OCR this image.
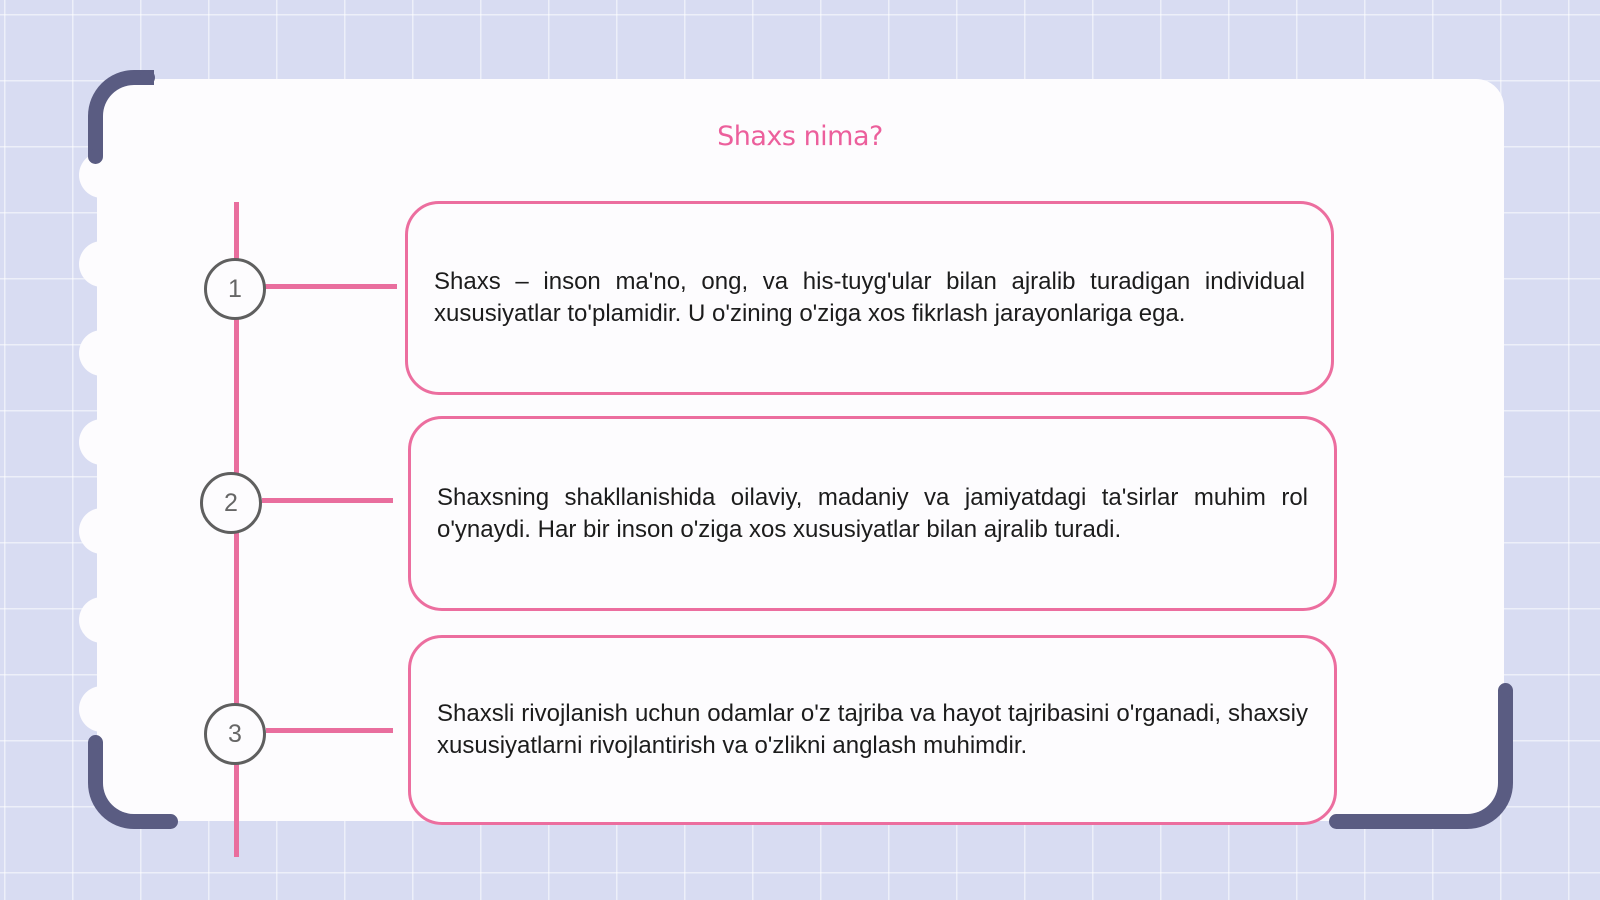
Shaxs nima?
1
2
3
Shaxs – inson ma'no, ong, va his-tuyg'ular bilan ajralib turadigan individual xususiyatlar to'plamidir. U o'zining o'ziga xos fikrlash jarayonlariga ega.
Shaxsning shakllanishida oilaviy, madaniy va jamiyatdagi ta'sirlar muhim rol o'ynaydi. Har bir inson o'ziga xos xususiyatlar bilan ajralib turadi.
Shaxsli rivojlanish uchun odamlar o'z tajriba va hayot tajribasini o'rganadi, shaxsiy xususiyatlarni rivojlantirish va o'zlikni anglash muhimdir.
